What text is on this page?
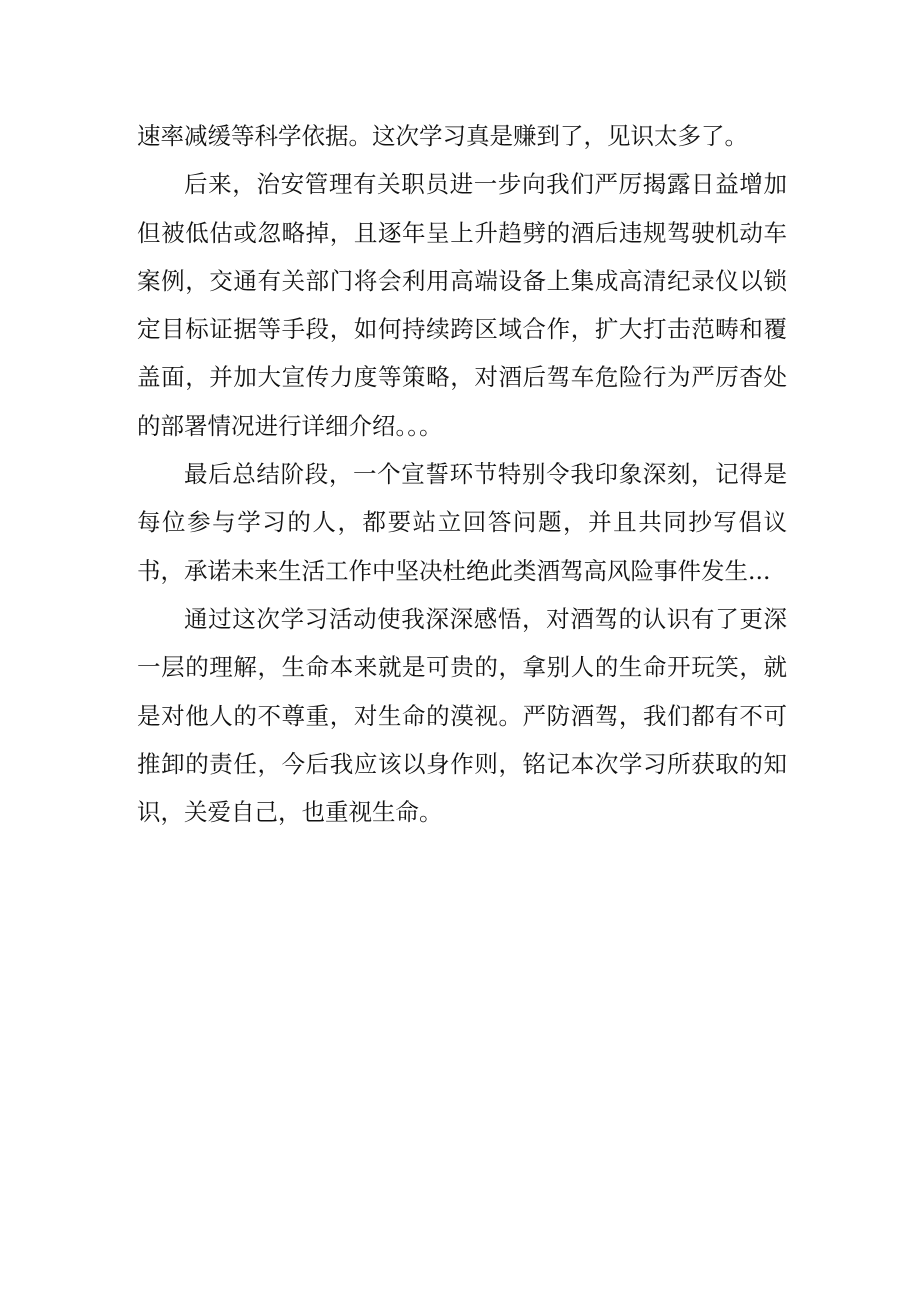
速率减缓等科学依据。这次学习真是赚到了，见识太多了。

后来，治安管理有关职员进一步向我们严厉揭露日益增加但被低估或忽略掉，且逐年呈上升趋劈的酒后违规驾驶机动车案例，交通有关部门将会利用高端设备上集成高清纪录仪以锁定目标证据等手段，如何持续跨区域合作，扩大打击范畴和覆盖面，并加大宣传力度等策略，对酒后驾车危险行为严厉杳处的部署情况进行详细介绍。。。

最后总结阶段，一个宣誓环节特别令我印象深刻，记得是每位参与学习的人，都要站立回答问题，并且共同抄写倡议书，承诺未来生活工作中坚决杜绝此类酒驾高风险事件发生...

通过这次学习活动使我深深感悟，对酒驾的认识有了更深一层的理解，生命本来就是可贵的，拿别人的生命开玩笑，就是对他人的不尊重，对生命的漠视。严防酒驾，我们都有不可推卸的责任，今后我应该以身作则，铭记本次学习所获取的知识，关爱自己，也重视生命。
